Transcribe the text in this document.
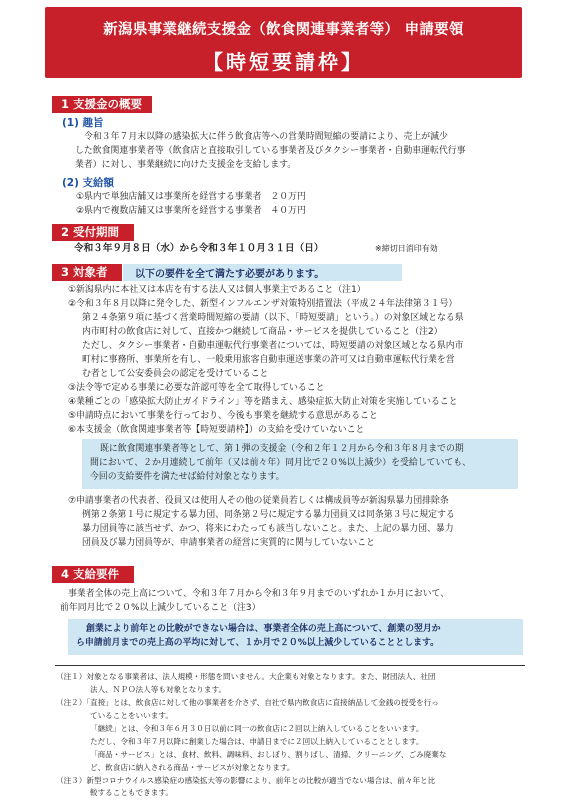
新潟県事業継続支援金（飲食関連事業者等） 申請要領
【時短要請枠】
1 支援金の概要
(1) 趣旨
令和３年７月末以降の感染拡大に伴う飲食店等への営業時間短縮の要請により、売上が減少
した飲食関連事業者等（飲食店と直接取引している事業者及びタクシー事業者・自動車運転代行事
業者）に対し、事業継続に向けた支援金を支給します。
(2) 支給額
①県内で単独店舗又は事業所を経営する事業者　２０万円
②県内で複数店舗又は事業所を経営する事業者　４０万円
2 受付期間
令和３年９月８日（水）から令和３年１０月３１日（日）	※締切日消印有効
3 対象者	以下の要件を全て満たす必要があります。
①新潟県内に本社又は本店を有する法人又は個人事業主であること（注1）
②令和３年８月以降に発令した、新型インフルエンザ対策特別措置法（平成２４年法律第３１号）
第２４条第９項に基づく営業時間短縮の要請（以下、「時短要請」という。）の対象区域となる県
内市町村の飲食店に対して、直接かつ継続して商品・サービスを提供していること（注2）
ただし、タクシー事業者・自動車運転代行事業者については、時短要請の対象区域となる県内市
町村に事務所、事業所を有し、一般乗用旅客自動車運送事業の許可又は自動車運転代行業を営
む者として公安委員会の認定を受けていること
③法令等で定める事業に必要な許認可等を全て取得していること
④業種ごとの「感染拡大防止ガイドライン」等を踏まえ、感染症拡大防止対策を実施していること
⑤申請時点において事業を行っており、今後も事業を継続する意思があること
⑥本支援金（飲食関連事業者等【時短要請枠】）の支給を受けていないこと
既に飲食関連事業者等として、第１弾の支援金（令和２年１２月から令和３年８月までの期
間において、２か月連続して前年（又は前々年）同月比で２０%以上減少）を受給していても、
今回の支給要件を満たせば給付対象となります。
⑦申請事業者の代表者、役員又は使用人その他の従業員若しくは構成員等が新潟県暴力団排除条
例第２条第１号に規定する暴力団、同条第２号に規定する暴力団員又は同条第３号に規定する
暴力団員等に該当せず、かつ、将来にわたっても該当しないこと。また、上記の暴力団、暴力
団員及び暴力団員等が、申請事業者の経営に実質的に関与していないこと
4 支給要件
事業者全体の売上高について、令和３年７月から令和３年９月までのいずれか１か月において、
前年同月比で２０%以上減少していること（注3）
創業により前年との比較ができない場合は、事業者全体の売上高について、創業の翌月か
ら申請前月までの売上高の平均に対して、１か月で２０%以上減少していることとします。
（注１）対象となる事業者は、法人規模・形態を問いません。大企業も対象となります。また、財団法人、社団
法人、ＮＰＯ法人等も対象となります。
（注２）「直接」とは、飲食店に対して他の事業者を介さず、自社で県内飲食店に直接納品して金銭の授受を行っ
ていることをいいます。
「継続」とは、令和３年６月３０日以前に同一の飲食店に２回以上納入していることをいいます。
ただし、令和３年７月以降に創業した場合は、申請日までに２回以上納入していることとします。
「商品・サービス」とは、食材、飲料、調味料、おしぼり、割りばし、清掃、クリーニング、ごみ廃棄な
ど、飲食店に納入される商品・サービスが対象となります。
（注３）新型コロナウイルス感染症の感染拡大等の影響により、前年との比較が適当でない場合は、前々年と比
較することもできます。
